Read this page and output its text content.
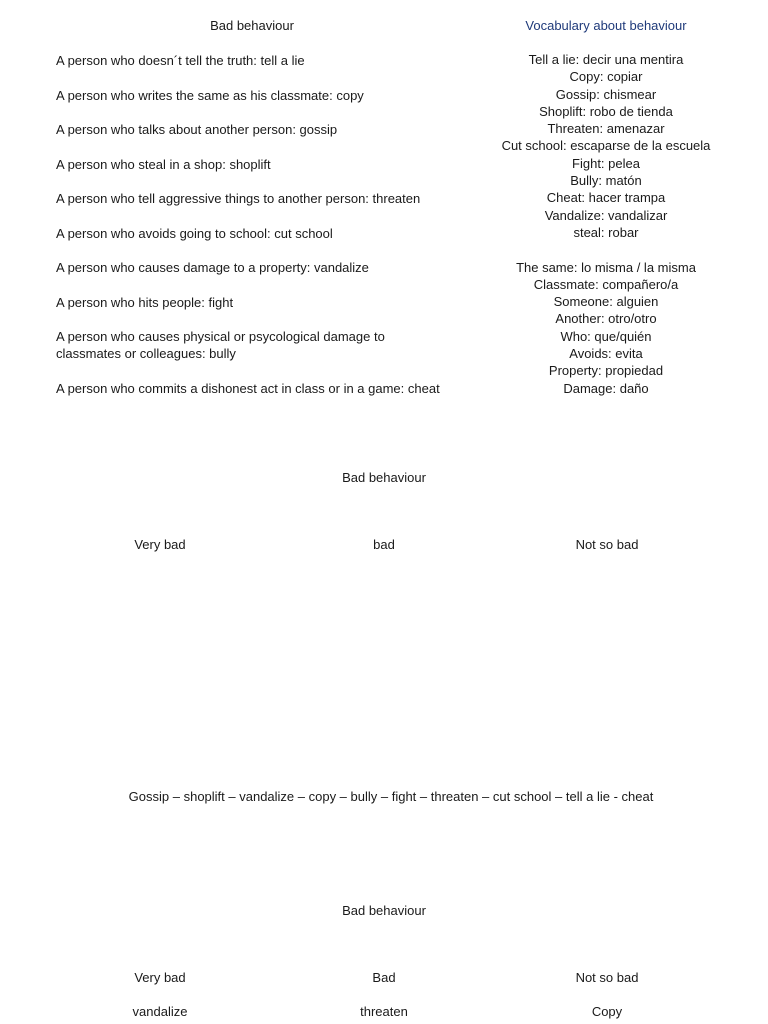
Bad behaviour
A person who doesn´t tell the truth: tell a lie
A person who writes the same as his classmate: copy
A person who talks about another person: gossip
A person who steal in a shop: shoplift
A person who tell aggressive things to another person: threaten
A person who avoids going to school: cut school
A person who causes damage to a property: vandalize
A person who hits people: fight
A person who causes physical or psycological damage to classmates or colleagues: bully
A person who commits a dishonest act in class or in a game: cheat
Vocabulary about behaviour
Tell a lie: decir una mentira
Copy: copiar
Gossip: chismear
Shoplift: robo de tienda
Threaten: amenazar
Cut school: escaparse de la escuela
Fight: pelea
Bully: matón
Cheat: hacer trampa
Vandalize: vandalizar
steal: robar
The same: lo misma / la misma
Classmate: compañero/a
Someone: alguien
Another: otro/otro
Who: que/quién
Avoids: evita
Property: propiedad
Damage: daño
Bad behaviour
Very bad	bad	Not so bad
Gossip – shoplift – vandalize – copy – bully – fight – threaten – cut school – tell a lie - cheat
Bad behaviour
Very bad	Bad	Not so bad
vandalize	threaten	Copy
